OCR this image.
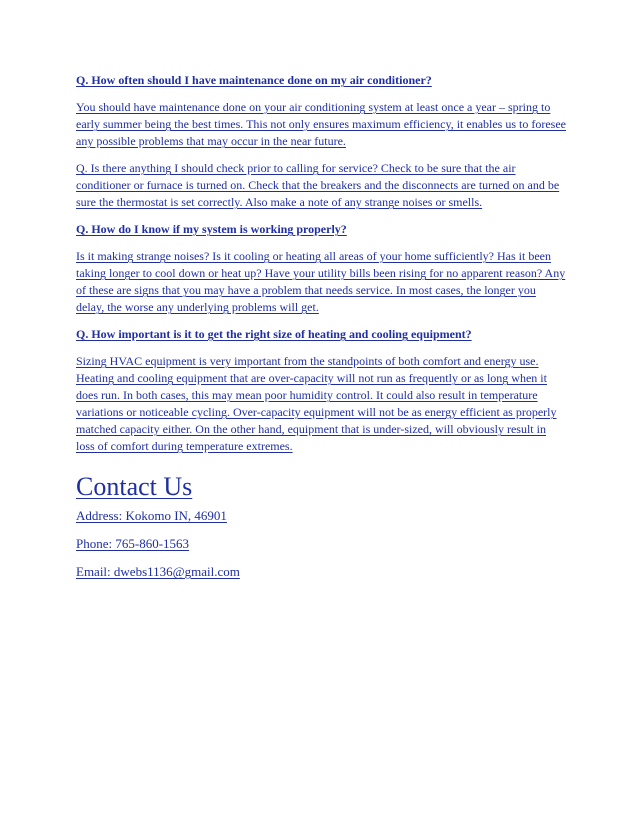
Q. How often should I have maintenance done on my air conditioner?

You should have maintenance done on your air conditioning system at least once a year – spring to early summer being the best times. This not only ensures maximum efficiency, it enables us to foresee any possible problems that may occur in the near future.

Q. Is there anything I should check prior to calling for service? Check to be sure that the air conditioner or furnace is turned on. Check that the breakers and the disconnects are turned on and be sure the thermostat is set correctly. Also make a note of any strange noises or smells.

Q. How do I know if my system is working properly?

Is it making strange noises? Is it cooling or heating all areas of your home sufficiently? Has it been taking longer to cool down or heat up? Have your utility bills been rising for no apparent reason? Any of these are signs that you may have a problem that needs service. In most cases, the longer you delay, the worse any underlying problems will get.

Q. How important is it to get the right size of heating and cooling equipment?

Sizing HVAC equipment is very important from the standpoints of both comfort and energy use. Heating and cooling equipment that are over-capacity will not run as frequently or as long when it does run. In both cases, this may mean poor humidity control. It could also result in temperature variations or noticeable cycling. Over-capacity equipment will not be as energy efficient as properly matched capacity either. On the other hand, equipment that is under-sized, will obviously result in loss of comfort during temperature extremes.

Contact Us

Address: Kokomo IN, 46901

Phone: 765-860-1563

Email: dwebs1136@gmail.com
